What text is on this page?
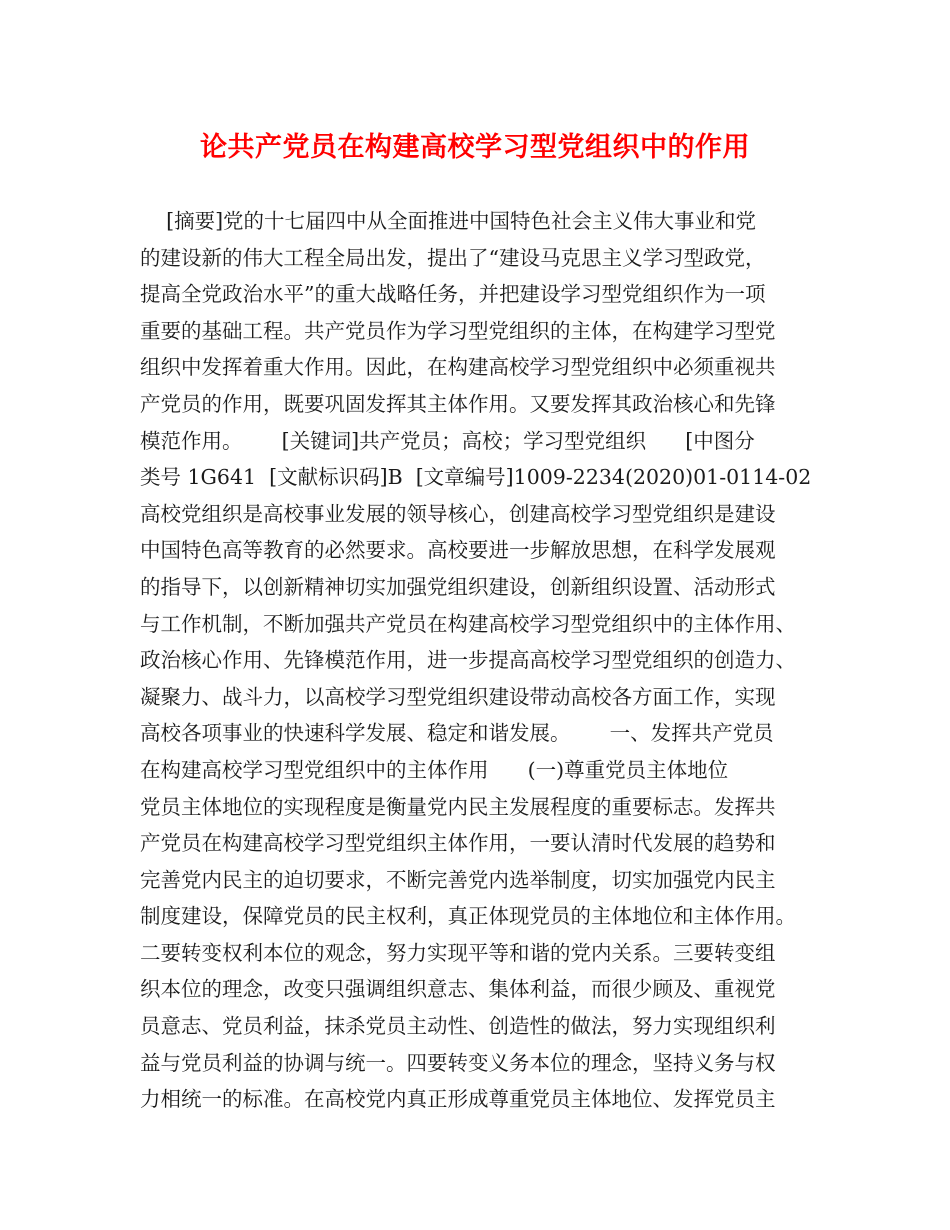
论共产党员在构建高校学习型党组织中的作用
[摘要]党的十七届四中从全面推进中国特色社会主义伟大事业和党
的建设新的伟大工程全局出发，提出了“建设马克思主义学习型政党，
提高全党政治水平”的重大战略任务，并把建设学习型党组织作为一项
重要的基础工程。共产党员作为学习型党组织的主体，在构建学习型党
组织中发挥着重大作用。因此，在构建高校学习型党组织中必须重视共
产党员的作用，既要巩固发挥其主体作用。又要发挥其政治核心和先锋
模范作用。      [关键词]共产党员；高校；学习型党组织      [中图分
类号 1G641  [文献标识码]B  [文章编号]1009-2234(2020)01-0114-02
高校党组织是高校事业发展的领导核心，创建高校学习型党组织是建设
中国特色高等教育的必然要求。高校要进一步解放思想，在科学发展观
的指导下，以创新精神切实加强党组织建设，创新组织设置、活动形式
与工作机制，不断加强共产党员在构建高校学习型党组织中的主体作用、
政治核心作用、先锋模范作用，进一步提高高校学习型党组织的创造力、
凝聚力、战斗力，以高校学习型党组织建设带动高校各方面工作，实现
高校各项事业的快速科学发展、稳定和谐发展。      一、发挥共产党员
在构建高校学习型党组织中的主体作用      (一)尊重党员主体地位
党员主体地位的实现程度是衡量党内民主发展程度的重要标志。发挥共
产党员在构建高校学习型党组织主体作用，一要认清时代发展的趋势和
完善党内民主的迫切要求，不断完善党内选举制度，切实加强党内民主
制度建设，保障党员的民主权利，真正体现党员的主体地位和主体作用。
二要转变权利本位的观念，努力实现平等和谐的党内关系。三要转变组
织本位的理念，改变只强调组织意志、集体利益，而很少顾及、重视党
员意志、党员利益，抹杀党员主动性、创造性的做法，努力实现组织利
益与党员利益的协调与统一。四要转变义务本位的理念，坚持义务与权
力相统一的标准。在高校党内真正形成尊重党员主体地位、发挥党员主
